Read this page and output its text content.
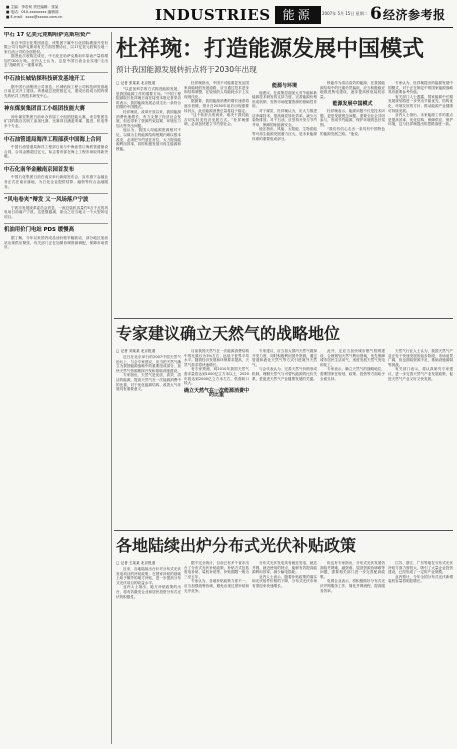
■ 主编：李若何 责任编辑：张某
■ 电话：010-xxxxxxxx 编辑部
■ E-mail：xxxx@xxxxx.com.cn	INDUSTRIES	能源	2007年 5月 15日 星期二 6 经济参考报
中石 17 亿美元竞购哈萨克斯坦资产

来自中国石化集团消息，该集团下属中石化国际勘探开发有限公司与哈萨克斯坦有关方面签署协议，以17亿美元收购当地一家石油公司的全部股权。

据悉此次收购完成后，中石化在哈萨克斯坦年原油产量将增加约300万吨。业内人士认为，这是中国石油企业实施“走出去”战略的又一重要举措。

中石油长城钻探科技研发基地开工

据中国石油集团公司消息，长城钻探工程公司科技研发基地日前正式开工建设。该基地总投资数亿元，建成后将成为国内领先的钻井工程技术研发中心。

神东煤炭集团首工小组团技能大赛

神东煤炭集团日前举办首届工小组团技能大赛，来自集团各矿井的数百名职工参加比赛，比赛项目涵盖采煤、掘进、机电等多个专业。

中石油管道局海洋工程部获中国海上合同

中国石油管道局海洋工程部日前与中海油签订海底管道铺设合同，合同金额超过亿元，标志着该部在海上工程市场取得新突破。

中石化南华金融南京园首发布

中国石化集团日前在南京举行新闻发布会，宣布旗下金融业务正式在南京落地，为石化企业提供结算、融资等综合金融服务。

“风电卷夹”辩发 又一风场落户宁波

宁波市发展改革委员会消息，一座总装机容量约5万千瓦的风电场日前落户宁波，这是继慈溪、象山之后当地又一个大型风电项目。

机油用价门电站 PDS 缓慢高

据了解，今年以来国内成品油价格窄幅波动，部分地区加油站出现供应紧张，有关部门正在加紧协调资源调配，保障市场供应。

杜祥琬：打造能源发展中国模式
预计我国能源发展转折点将于2030年出现
□ 记者 张某某 北京报道

“以更加科学的方式推进能源发展，是我国能源工作的重要方向。”中国工程院副院长杜祥琬日前在接受本报记者采访时表示，我国能源发展必须走出一条符合国情的中国模式。

杜祥琬说，改革开放以来，我国能源消费快速增长，有力支撑了经济社会发展，但也带来了资源约束趋紧、环境压力加大等突出问题。

他认为，我国人均能源资源相对不足，以煤为主的能源结构短期内难以根本改变，必须把节约放在首位，大力提高能源利用效率，同时积极发展可再生能源和核能。

杜祥琬指出，中国不可能重复发达国家高能耗的发展道路，应当通过技术进步和结构调整，在较低的人均能耗水平上实现现代化。

据测算，我国能源消费的增长速度将逐步放缓，预计在2030年前后出现重要转折点，此后能源消费总量将趋于稳定。

“这个转折点的到来，取决于我们能否切实转变经济发展方式。”杜祥琬强调，必须加快建立节约型社会。

能源与环境

他建议，在政策层面加大对节能和新能源技术研发的支持力度，完善能源价格形成机制，发挥市场配置资源的基础性作用。

对于煤炭，杜祥琬认为，应大力推进洁净煤技术，提高煤炭转化效率，减少污染物排放；对于石油，应坚持开发与节约并举，保障国家能源安全。

他还指出，风能、太阳能、生物质能等可再生能源发展潜力巨大，是未来能源体系的重要组成部分。

核能作为清洁高效的能源，在我国能源结构中的比重仍然偏低，应当积极稳妥地推进核电建设，逐步提高核电装机容量。

能源发展中国模式

杜祥琬表示，能源问题不仅是技术问题，更是发展观念问题，需要全社会共同参与，形成节约能源、保护环境的良好氛围。

“我们有信心走出一条具有中国特色的能源发展之路。”他说。

专家认为，杜祥琬提出的能源发展中国模式，对于正在制定中的国家能源战略具有重要参考价值。

有关部门人士透露，国家能源中长期发展规划将进一步突出节能优先、结构优化、环境友好的方针，推动能源产业健康可持续发展。

业内人士指出，未来能源工作的重点是提高效率、优化结构、保障供应、保护环境，这与杜祥琬提出的思路高度一致。

专家建议确立天然气的战略地位
□ 记者 刘某某 北京报道

近日在北京举行的2007中国天然气论坛上，与会专家建议，应当把天然气确立为我国能源战略中的重要组成部分，加快天然气资源勘探开发和基础设施建设。

专家指出，天然气是优质、高效、清洁的能源，提高天然气在一次能源消费中的比重，对于优化能源结构、改善大气环境具有重要意义。

目前我国天然气在一次能源消费结构中的比重仅为3%左右，远低于世界平均水平。随着经济发展和环保要求提高，天然气需求将快速增长。

有专家预测，到2010年我国天然气需求量将达到1000亿立方米以上，2020年将达到2000亿立方米左右，供需缺口较大。

确立天然气在一次能源消费中的比重

专家建议，应当加大国内天然气勘探开发力度，同时积极利用国外资源，通过管道和液化天然气等方式引进境外天然气。

与会代表认为，完善天然气价格形成机制，理顺天然气与可替代能源的比价关系，是促进天然气产业健康发展的关键。

此外，还应当加快城市燃气管网建设，合理规划天然气利用领域，优先保障城市居民生活用气，适度发展天然气发电和化工。

专家表示，确立天然气的战略地位，需要国家在规划、政策、投资等方面给予全面支持。

天然气行业人士认为，我国天然气产业正处于快速发展的起步阶段，市场前景广阔，但也面临资源不足、基础设施薄弱等挑战。

有关部门表示，将认真研究专家建议，进一步完善天然气产业发展政策，促进天然气产业又好又快发展。

各地陆续出炉分布式光伏补贴政策
□ 记者 王某某 北京报道

近来，各地陆续出台针对分布式光伏发电项目的补贴政策，在国家补贴的基础上给予额外的地方补贴，进一步提高分布式光伏项目的收益水平。

业内人士指出，地方补贴政策的出台，将有效激发企业和居民投资分布式光伏的积极性。

据不完全统计，目前已有多个省市出台了分布式光伏补贴政策，补贴方式包括度电补贴、装机补贴等，补贴期限一般为三至五年。

专家认为，各地补贴政策力度不一，应当加强统筹协调，避免出现过度补贴和无序竞争。

分布式光伏发电具有就近发电、就近并网、就近使用的特点，能够有效提高能源利用效率，减少输电损耗。

业内人士表示，随着补贴政策的落实和光伏组件价格的下降，分布式光伏市场有望迎来快速增长。

但也有专家指出，分布式光伏发展仍面临并网难、融资难、屋顶资源协调难等问题，需要相关部门进一步完善配套政策。

电网企业表示，将积极做好分布式光伏并网服务工作，简化并网流程，提高服务效率。

江苏、浙江、广东等地在分布式光伏补贴方面力度较大，吸引了大量企业投资建设，已经形成了一定的产业规模。

业内预计，今年全国分布式光伏新增装机容量将明显增长。
